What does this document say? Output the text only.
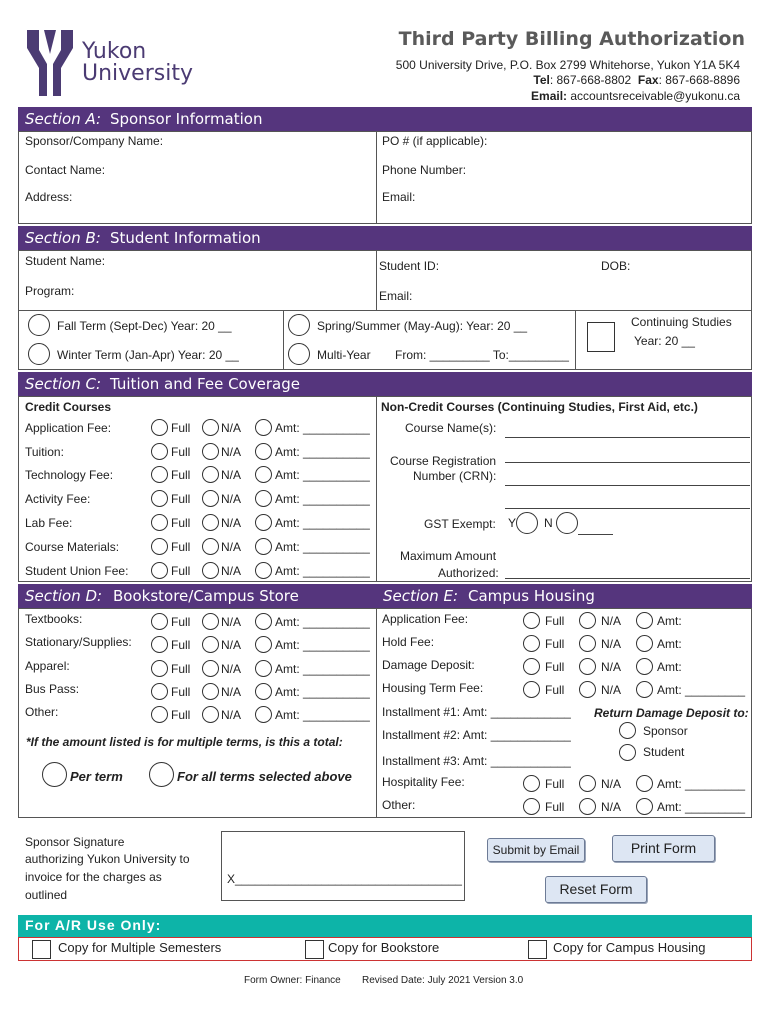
Yukon
University
Third Party Billing Authorization
500 University Drive, P.O. Box 2799 Whitehorse, Yukon Y1A 5K4
Tel: 867-668-8802 Fax: 867-668-8896
Email: accountsreceivable@yukonu.ca
Section A: Sponsor Information
Sponsor/Company Name:	PO # (if applicable):
Contact Name:	Phone Number:
Address:	Email:
Section B: Student Information
Student Name:	Student ID:	DOB:
Program:	Email:
Fall Term (Sept-Dec) Year: 20 __	Spring/Summer (May-Aug): Year: 20 __
Winter Term (Jan-Apr) Year: 20 __	Multi-Year From: _________ To:_________
Continuing Studies
Year: 20 __
Section C: Tuition and Fee Coverage
Credit Courses	Non-Credit Courses (Continuing Studies, First Aid, etc.)
Course Name(s):
Course Registration
Number (CRN):
GST Exempt: Y N
Maximum Amount
Authorized:
Section D: Bookstore/Campus Store	Section E: Campus Housing
*If the amount listed is for multiple terms, is this a total:
Per term	For all terms selected above
Installment #1: Amt: ____________ Return Damage Deposit to:
Installment #2: Amt: ____________	Sponsor
Student
Installment #3: Amt: ____________
Sponsor Signature
authorizing Yukon University to
invoice for the charges as
outlined
X__________________________________
Submit by Email	Print Form
Reset Form
For A/R Use Only:
Copy for Multiple Semesters	Copy for Bookstore	Copy for Campus Housing
Form Owner: Finance Revised Date: July 2021 Version 3.0
Application Fee:	Full	N/A	Amt: __________
Tuition:	Full	N/A	Amt: __________
Technology Fee:	Full	N/A	Amt: __________
Activity Fee:	Full	N/A	Amt: __________
Lab Fee:	Full	N/A	Amt: __________
Course Materials:	Full	N/A	Amt: __________
Student Union Fee:	Full	N/A	Amt: __________
Textbooks:	Full	N/A	Amt: __________
Stationary/Supplies:	Full	N/A	Amt: __________
Apparel:	Full	N/A	Amt: __________
Bus Pass:	Full	N/A	Amt: __________
Other:	Full	N/A	Amt: __________
Application Fee:	Full	N/A	Amt:
Hold Fee:	Full	N/A	Amt:
Damage Deposit:	Full	N/A	Amt:
Housing Term Fee:	Full	N/A	Amt: _________
Hospitality Fee:	Full	N/A	Amt: _________
Other:	Full	N/A	Amt: _________
